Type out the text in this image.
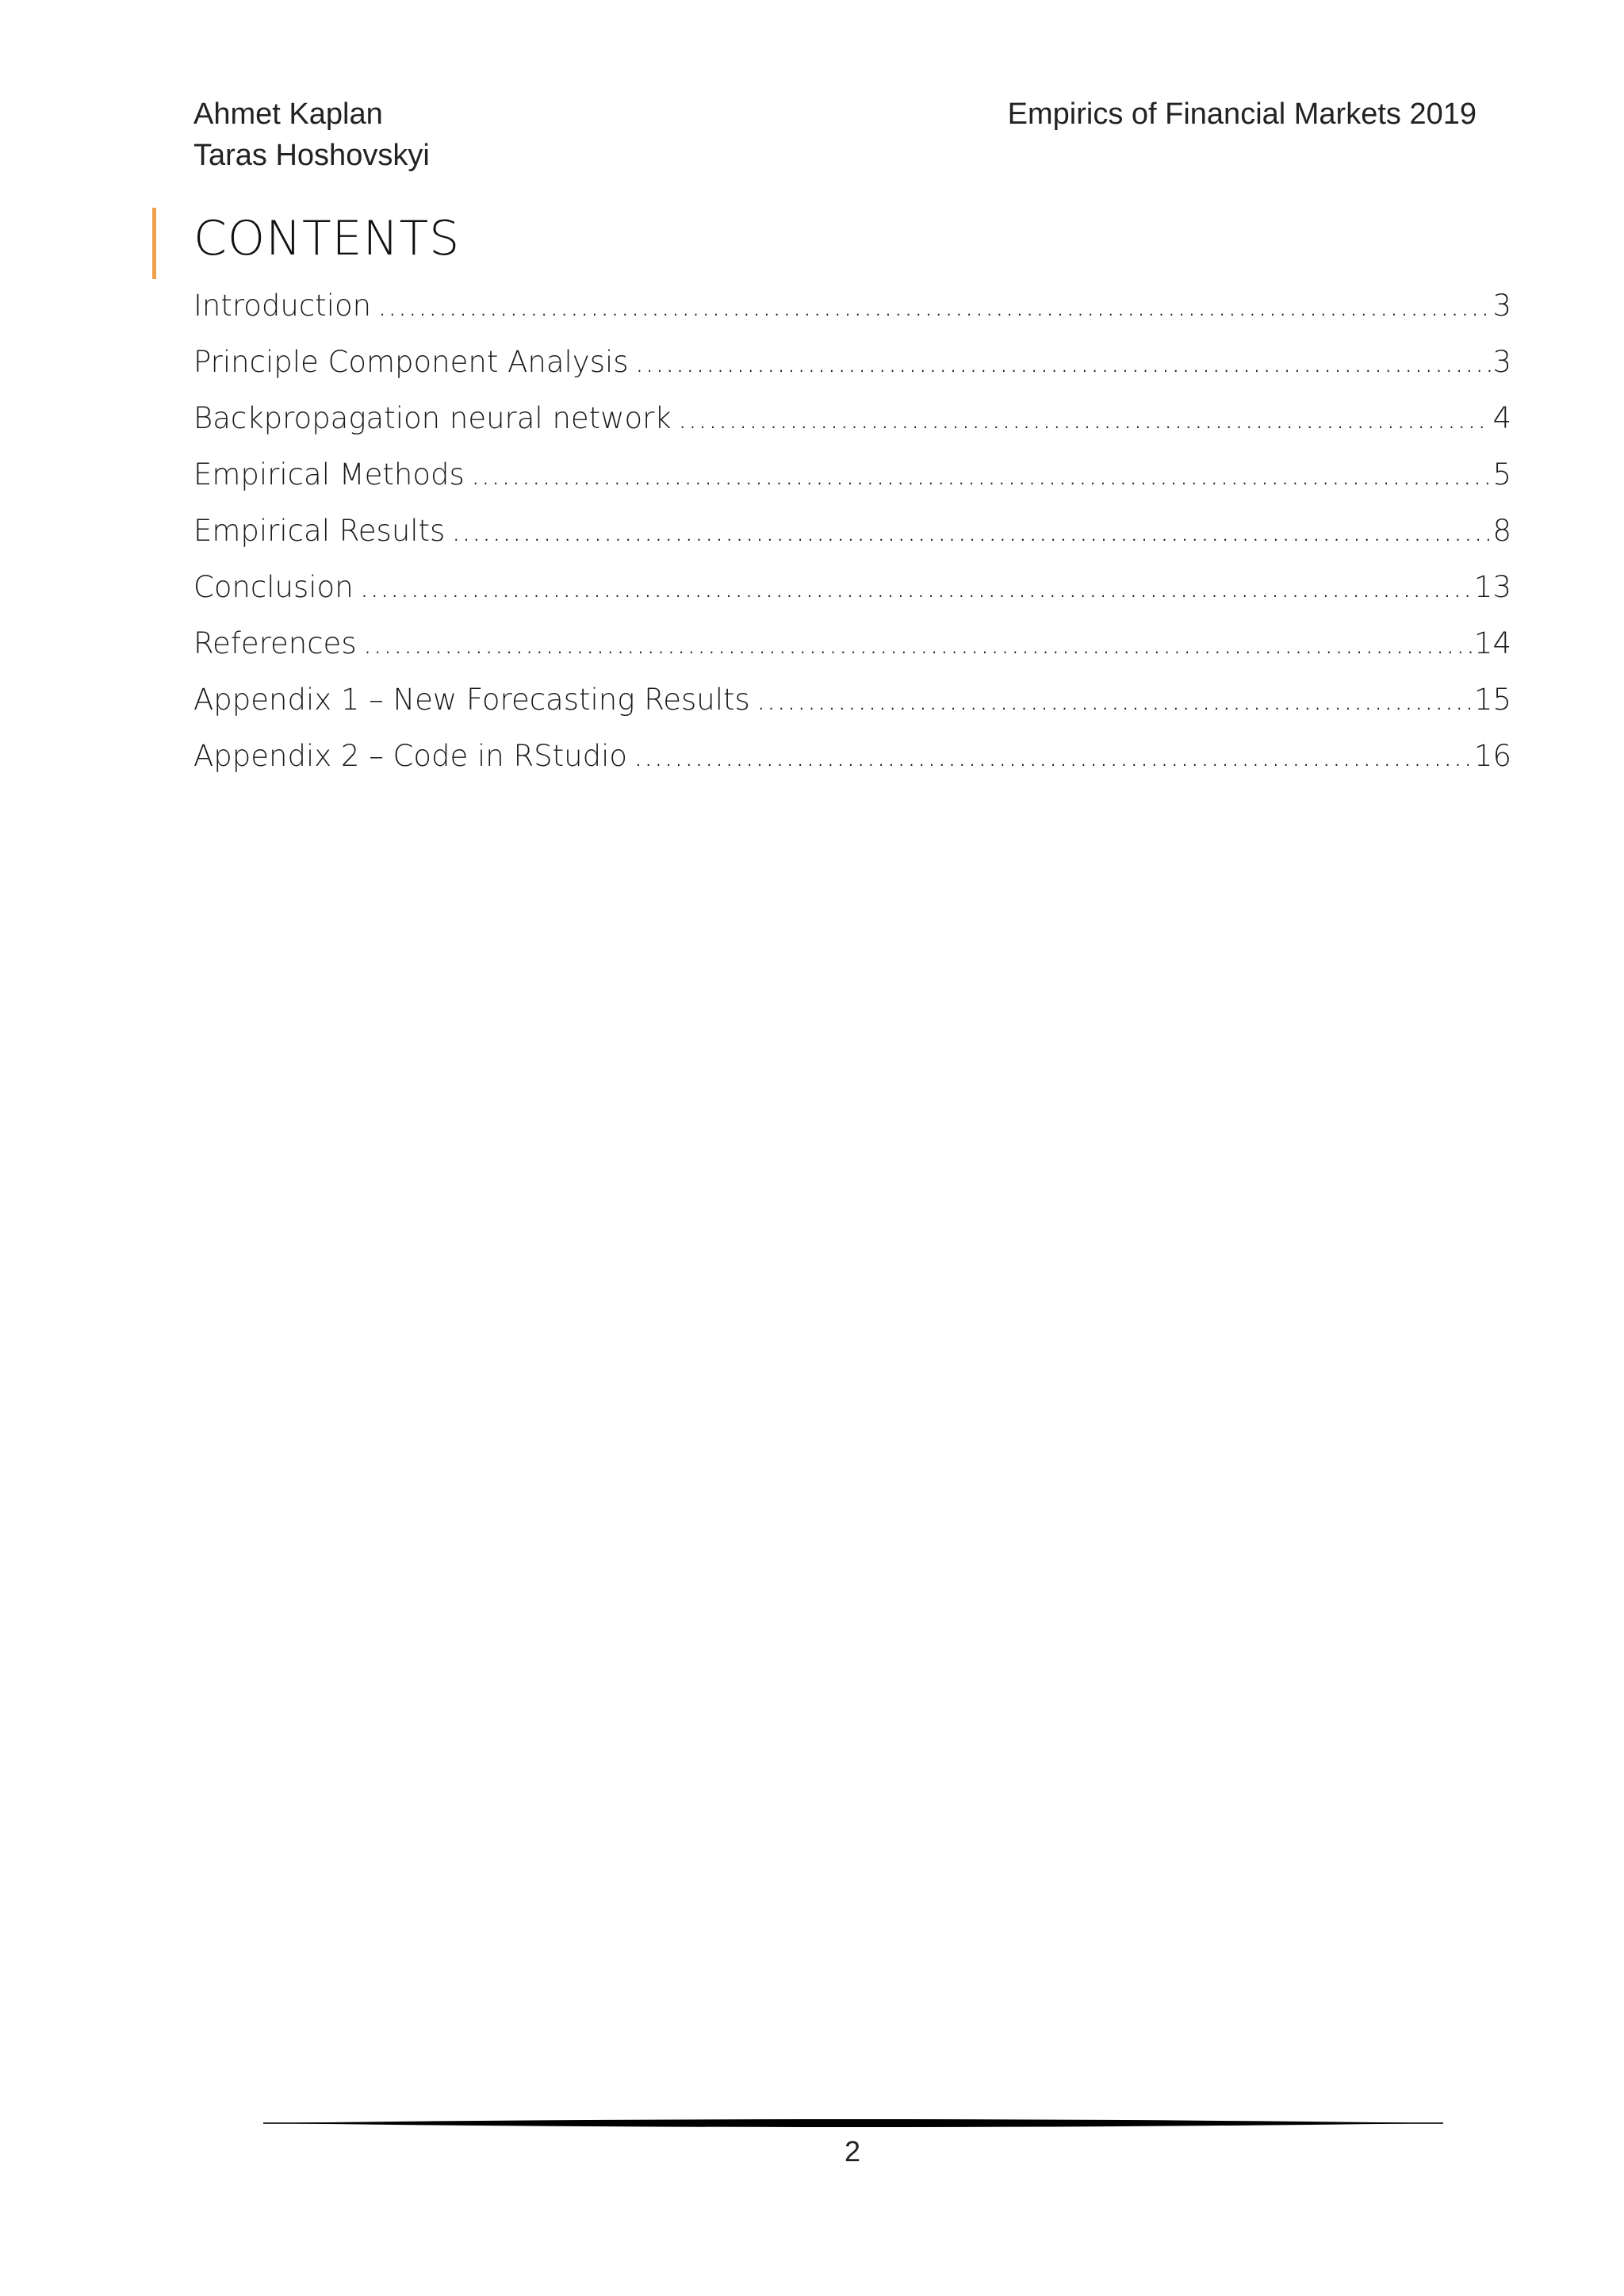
Ahmet Kaplan
Taras Hoshovskyi
Empirics of Financial Markets 2019
CONTENTS
Introduction .....	3
Principle Component Analysis .....	3
Backpropagation neural network .....	4
Empirical Methods .....	5
Empirical Results .....	8
Conclusion .....	13
References .....	14
Appendix 1 – New Forecasting Results .....	15
Appendix 2 – Code in RStudio .....	16
2
